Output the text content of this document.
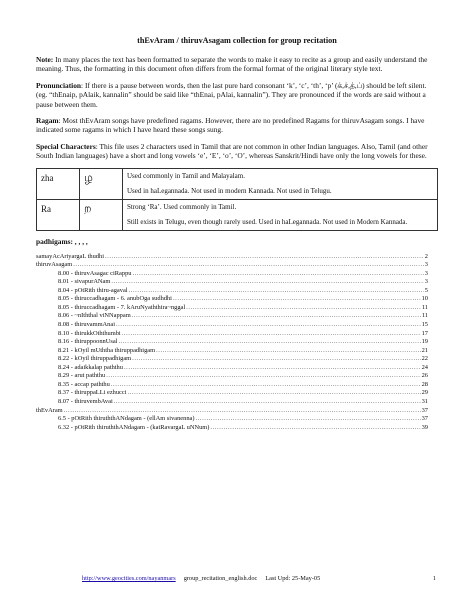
thEvAram / thiruvAsagam collection for group recitation

Note: In many places the text has been formatted to separate the words to make it easy to recite as a group and easily understand the meaning. Thus, the formatting in this document often differs from the formal format of the original literary style text.

Pronunciation: If there is a pause between words, then the last pure hard consonant ‘k’, ‘c’, ‘th’, ‘p’ (க்,ச்,த்,ப்) should be left silent. (eg. “thEnaip, pAlaik, kannalin” should be said like “thEnai, pAlai, kannalin”). They are pronounced if the words are said without a pause between them.

Ragam: Most thEvAram songs have predefined ragams. However, there are no predefined Ragams for thiruvAsagam songs. I have indicated some ragams in which I have heard these songs sung.

Special Characters: This file uses 2 characters used in Tamil that are not common in other Indian languages. Also, Tamil (and other South Indian languages) have a short and long vowels ‘e’, ‘E’, ‘o’, ‘O’, whereas Sanskrit/Hindi have only the long vowels for these.

zha	ழ	Used commonly in Tamil and Malayalam.

Used in haLegannada. Not used in modern Kannada. Not used in Telugu.

Ra	ற	Strong ‘Ra’. Used commonly in Tamil.

Still exists in Telugu, even though rarely used. Used in haLegannada. Not used in Modern Kannada.

padhigams: , , , ,
samayAcAriyargaL thudhi .....	2
thiruvAsagam .....	3
8.00 - thiruvAsagac ciRappu .....	3
8.01 - sivapurANam .....	3
8.04 - pOtRith thiru-agaval .....	5
8.05 - thiruccadhagam - 6. anubOga sudhdhi .....	10
8.05 - thiruccadhagam - 7. kAruNyaththira~nggal .....	11
8.06 - ~nIththal viNNappam .....	11
8.08 - thiruvammAnai .....	15
8.10 - thirukkOththumbi .....	17
8.16 - thiruppoonnUsal .....	19
8.21 - kOyil mUththa thiruppadhigam .....	21
8.22 - kOyil thiruppadhigam .....	22
8.24 - adaikkalap paththu .....	24
8.29 - arut paththu .....	26
8.35 - accap paththu .....	28
8.37 - thiruppaLLi ezhucci .....	29
8.07 - thiruvembAvai .....	31
thEvAram .....	37
6.5 - pOtRith thiruththANdagam - (ellAm sivanenna) .....	37
6.32 - pOtRith thiruththANdagam - (katRavargaL uNNum) .....	39
http://www.geocities.com/nayanmars group_recitation_english.doc Last Upd: 25-May-05	1
